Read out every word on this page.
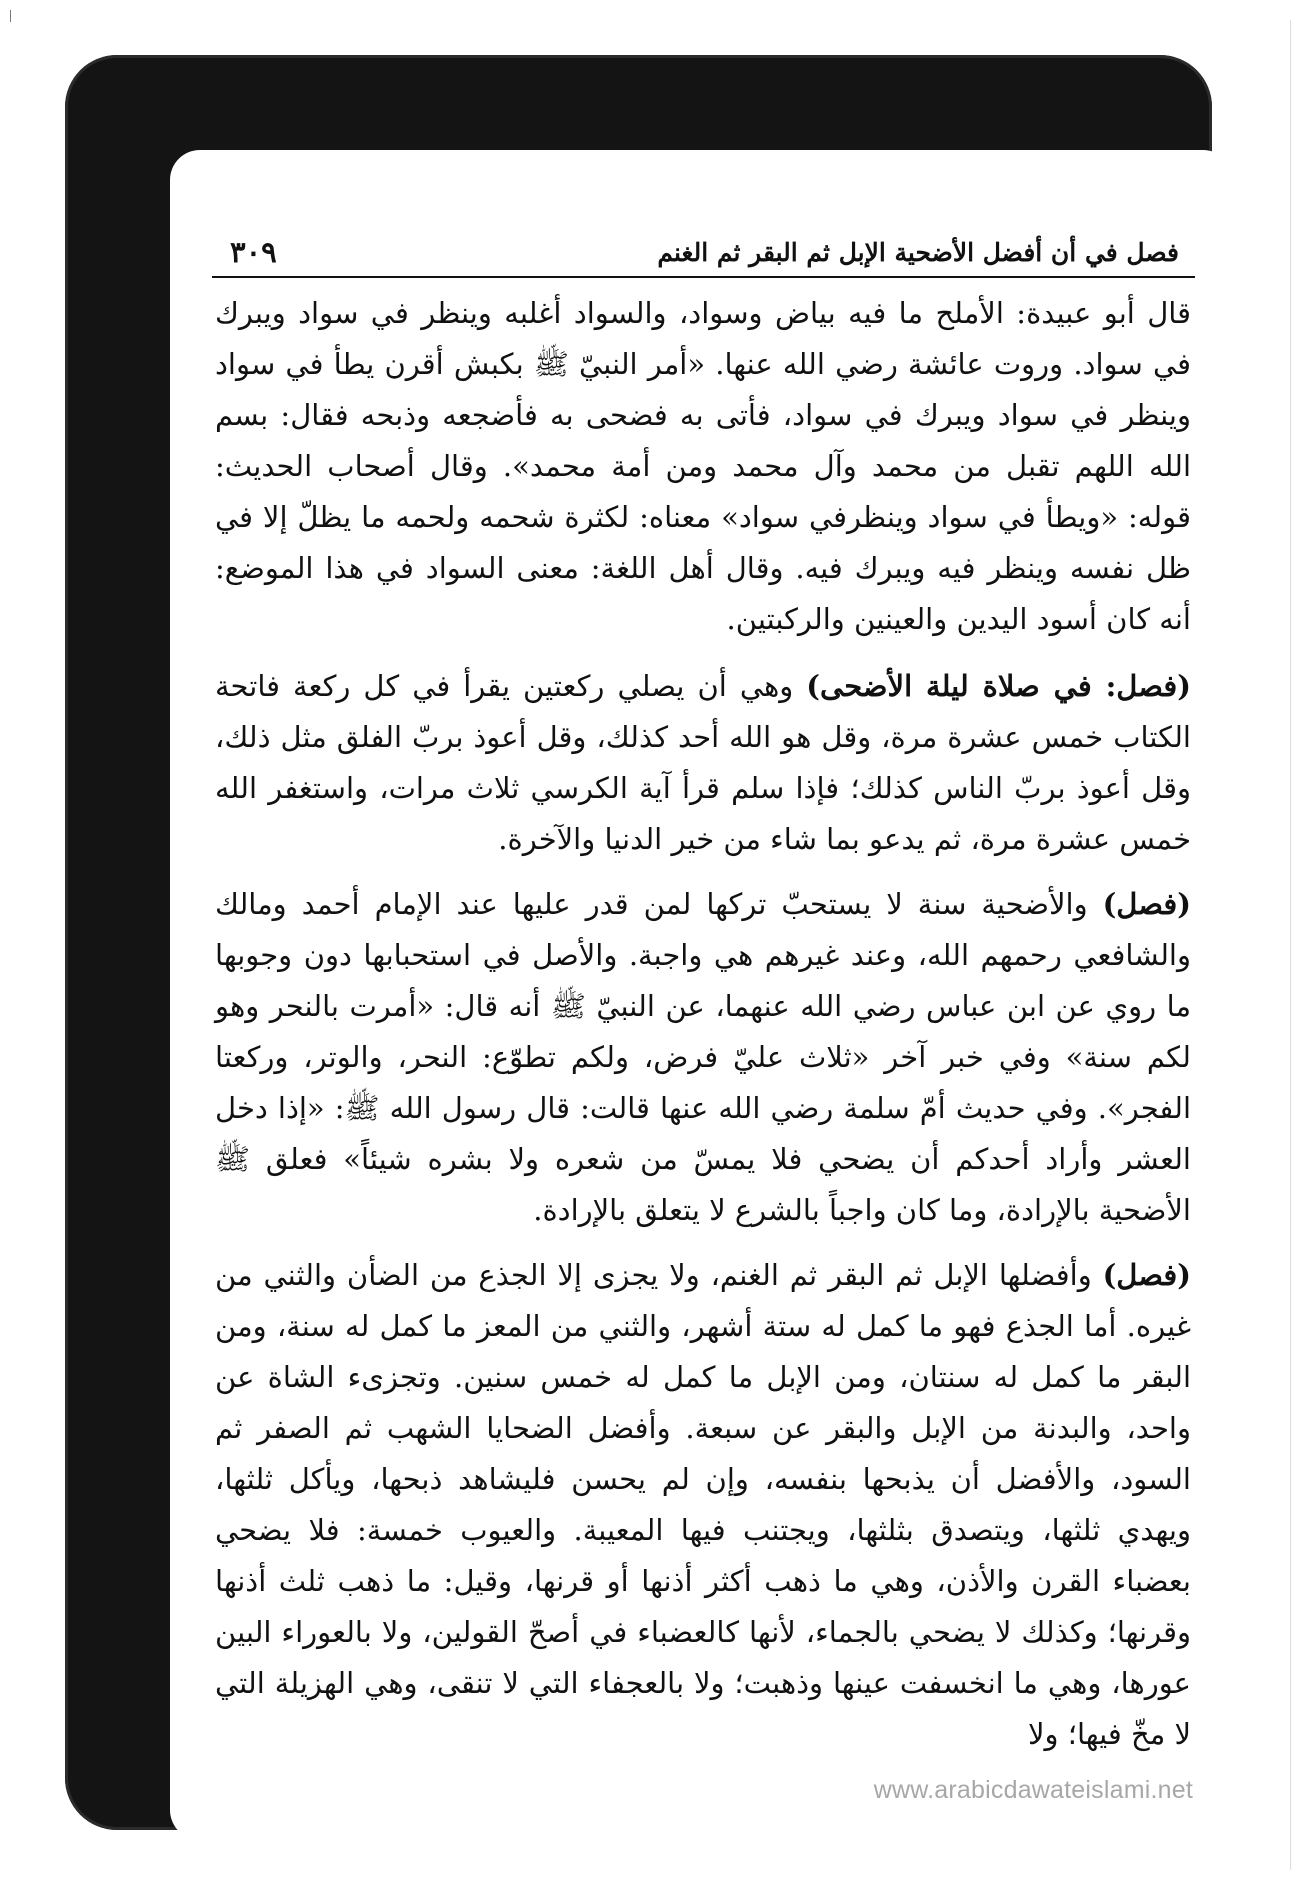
٣٠٩	فصل في أن أفضل الأضحية الإبل ثم البقر ثم الغنم

قال أبو عبيدة: الأملح ما فيه بياض وسواد، والسواد أغلبه وينظر في سواد ويبرك في سواد. وروت عائشة رضي الله عنها. «أمر النبيّ ﷺ بكبش أقرن يطأ في سواد وينظر في سواد ويبرك في سواد، فأتى به فضحى به فأضجعه وذبحه فقال: بسم الله اللهم تقبل من محمد وآل محمد ومن أمة محمد». وقال أصحاب الحديث: قوله: «ويطأ في سواد وينظرفي سواد» معناه: لكثرة شحمه ولحمه ما يظلّ إلا في ظل نفسه وينظر فيه ويبرك فيه. وقال أهل اللغة: معنى السواد في هذا الموضع: أنه كان أسود اليدين والعينين والركبتين.

(فصل: في صلاة ليلة الأضحى) وهي أن يصلي ركعتين يقرأ في كل ركعة فاتحة الكتاب خمس عشرة مرة، وقل هو الله أحد كذلك، وقل أعوذ بربّ الفلق مثل ذلك، وقل أعوذ بربّ الناس كذلك؛ فإذا سلم قرأ آية الكرسي ثلاث مرات، واستغفر الله خمس عشرة مرة، ثم يدعو بما شاء من خير الدنيا والآخرة.

(فصل) والأضحية سنة لا يستحبّ تركها لمن قدر عليها عند الإمام أحمد ومالك والشافعي رحمهم الله، وعند غيرهم هي واجبة. والأصل في استحبابها دون وجوبها ما روي عن ابن عباس رضي الله عنهما، عن النبيّ ﷺ أنه قال: «أمرت بالنحر وهو لكم سنة» وفي خبر آخر «ثلاث عليّ فرض، ولكم تطوّع: النحر، والوتر، وركعتا الفجر». وفي حديث أمّ سلمة رضي الله عنها قالت: قال رسول الله ﷺ: «إذا دخل العشر وأراد أحدكم أن يضحي فلا يمسّ من شعره ولا بشره شيئاً» فعلق ﷺ الأضحية بالإرادة، وما كان واجباً بالشرع لا يتعلق بالإرادة.

(فصل) وأفضلها الإبل ثم البقر ثم الغنم، ولا يجزى إلا الجذع من الضأن والثني من غيره. أما الجذع فهو ما كمل له ستة أشهر، والثني من المعز ما كمل له سنة، ومن البقر ما كمل له سنتان، ومن الإبل ما كمل له خمس سنين. وتجزىء الشاة عن واحد، والبدنة من الإبل والبقر عن سبعة. وأفضل الضحايا الشهب ثم الصفر ثم السود، والأفضل أن يذبحها بنفسه، وإن لم يحسن فليشاهد ذبحها، ويأكل ثلثها، ويهدي ثلثها، ويتصدق بثلثها، ويجتنب فيها المعيبة. والعيوب خمسة: فلا يضحي بعضباء القرن والأذن، وهي ما ذهب أكثر أذنها أو قرنها، وقيل: ما ذهب ثلث أذنها وقرنها؛ وكذلك لا يضحي بالجماء، لأنها كالعضباء في أصحّ القولين، ولا بالعوراء البين عورها، وهي ما انخسفت عينها وذهبت؛ ولا بالعجفاء التي لا تنقى، وهي الهزيلة التي لا مخّ فيها؛ ولا

www.arabicdawateislami.net
